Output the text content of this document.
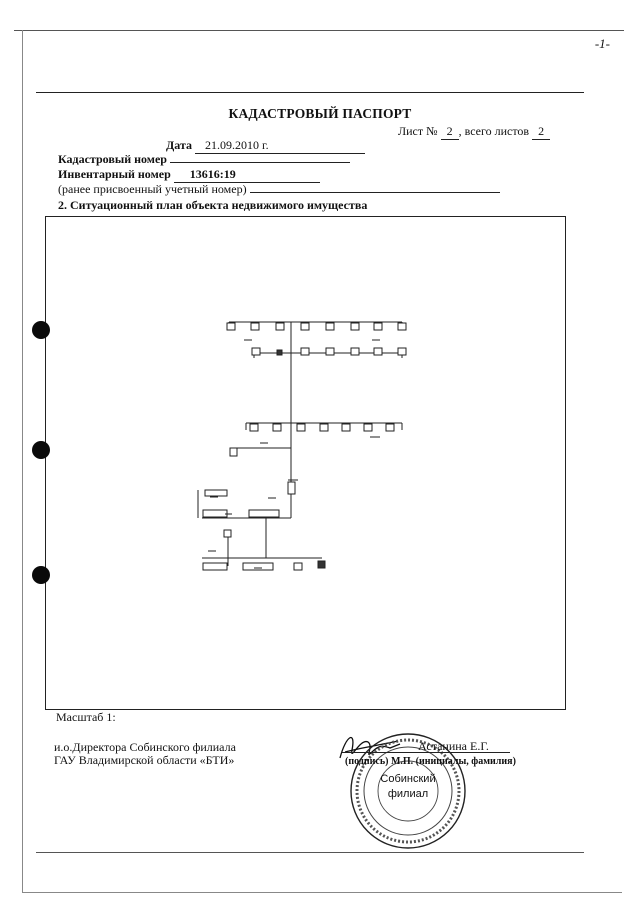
-1-
КАДАСТРОВЫЙ ПАСПОРТ
Лист № 2 , всего листов 2
Дата 21.09.2010 г.
Кадастровый номер
Инвентарный номер 13616:19
(ранее присвоенный учетный номер)
2. Ситуационный план объекта недвижимого имущества
Масштаб 1:
и.о.Директора Собинского филиала
ГАУ Владимирской области «БТИ»
Астанина Е.Г.
(подпись) М.П. (инициалы, фамилия)
Собинский
филиал
